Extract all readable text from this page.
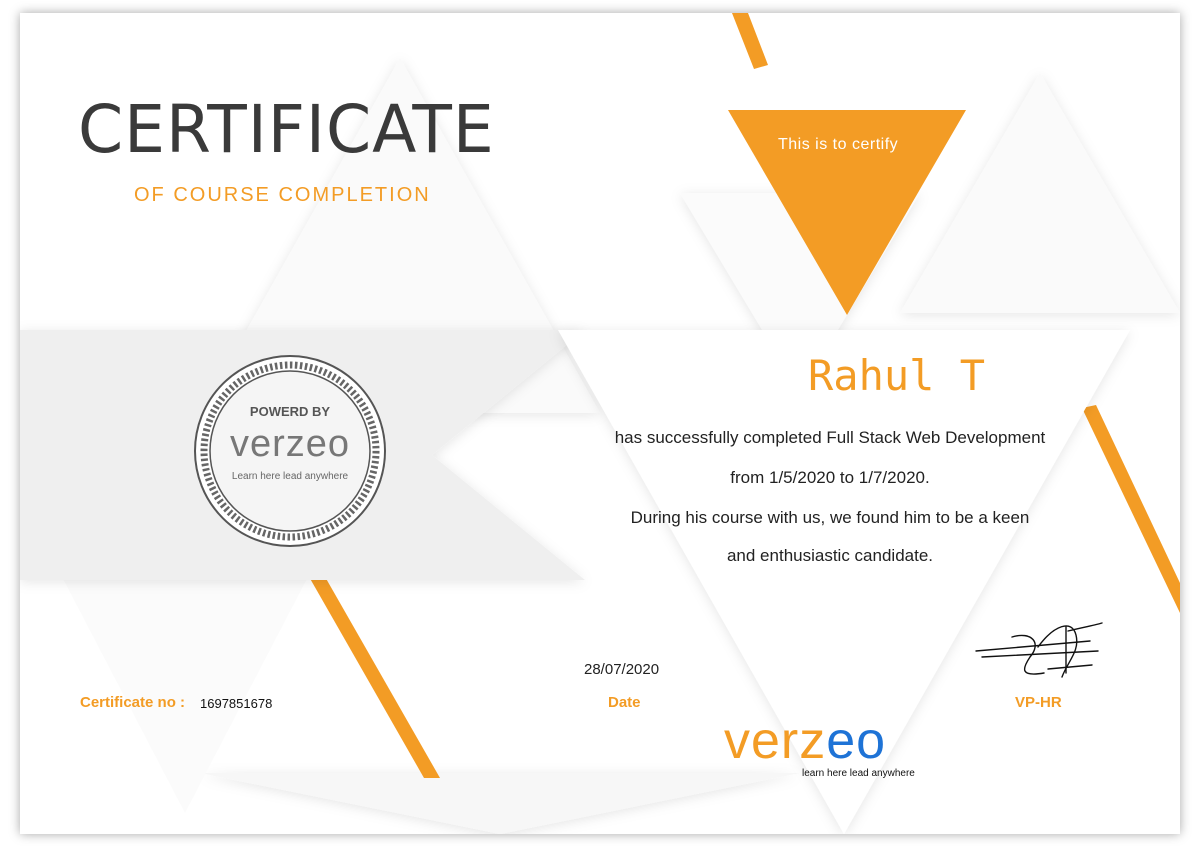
POWERD BY
verzeo
Learn here lead anywhere
CERTIFICATE
OF COURSE COMPLETION
This is to certify
Rahul T
has successfully completed Full Stack Web Development
from 1/5/2020 to 1/7/2020.
During his course with us, we found him to be a keen
and enthusiastic candidate.
28/07/2020
Date
Certificate no : 1697851678	VP-HR
verzeo
learn here lead anywhere
